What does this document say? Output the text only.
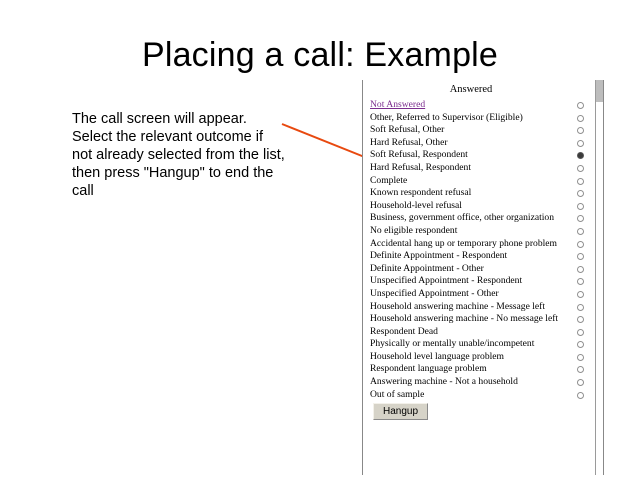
Placing a call: Example
The call screen will appear. Select the relevant outcome if not already selected from the list, then press "Hangup" to end the call
Answered
Not Answered
Other, Referred to Supervisor (Eligible)
Soft Refusal, Other
Hard Refusal, Other
Soft Refusal, Respondent
Hard Refusal, Respondent
Complete
Known respondent refusal
Household-level refusal
Business, government office, other organization
No eligible respondent
Accidental hang up or temporary phone problem
Definite Appointment - Respondent
Definite Appointment - Other
Unspecified Appointment - Respondent
Unspecified Appointment - Other
Household answering machine - Message left
Household answering machine - No message left
Respondent Dead
Physically or mentally unable/incompetent
Household level language problem
Respondent language problem
Answering machine - Not a household
Out of sample
Hangup
